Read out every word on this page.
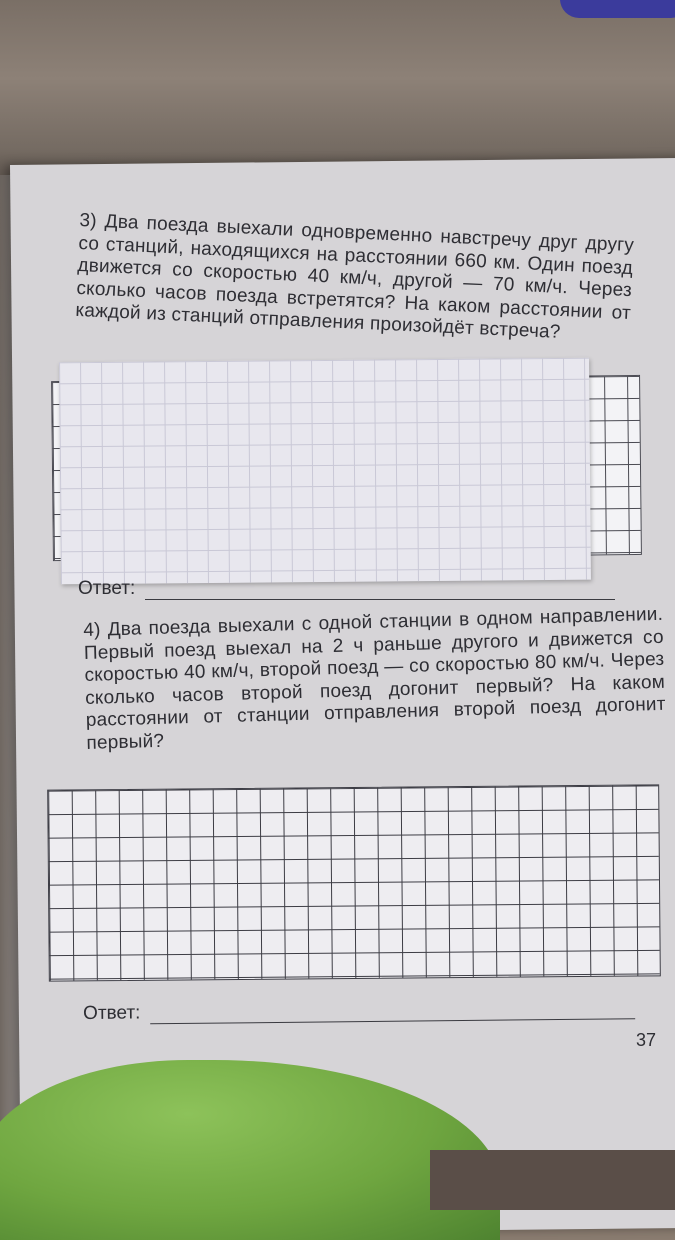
3) Два поезда выехали одновременно навстречу друг другу со станций, находящихся на расстоянии 660 км. Один поезд движется со скоростью 40 км/ч, другой — 70 км/ч. Через сколько часов поезда встретятся? На каком расстоянии от каждой из станций отправления произойдёт встреча?
Ответ:
4) Два поезда выехали с одной станции в одном направлении. Первый поезд выехал на 2 ч раньше другого и движется со скоростью 40 км/ч, второй поезд — со скоростью 80 км/ч. Через сколько часов второй поезд догонит первый? На каком расстоянии от станции отправления второй поезд догонит первый?
Ответ:
37
